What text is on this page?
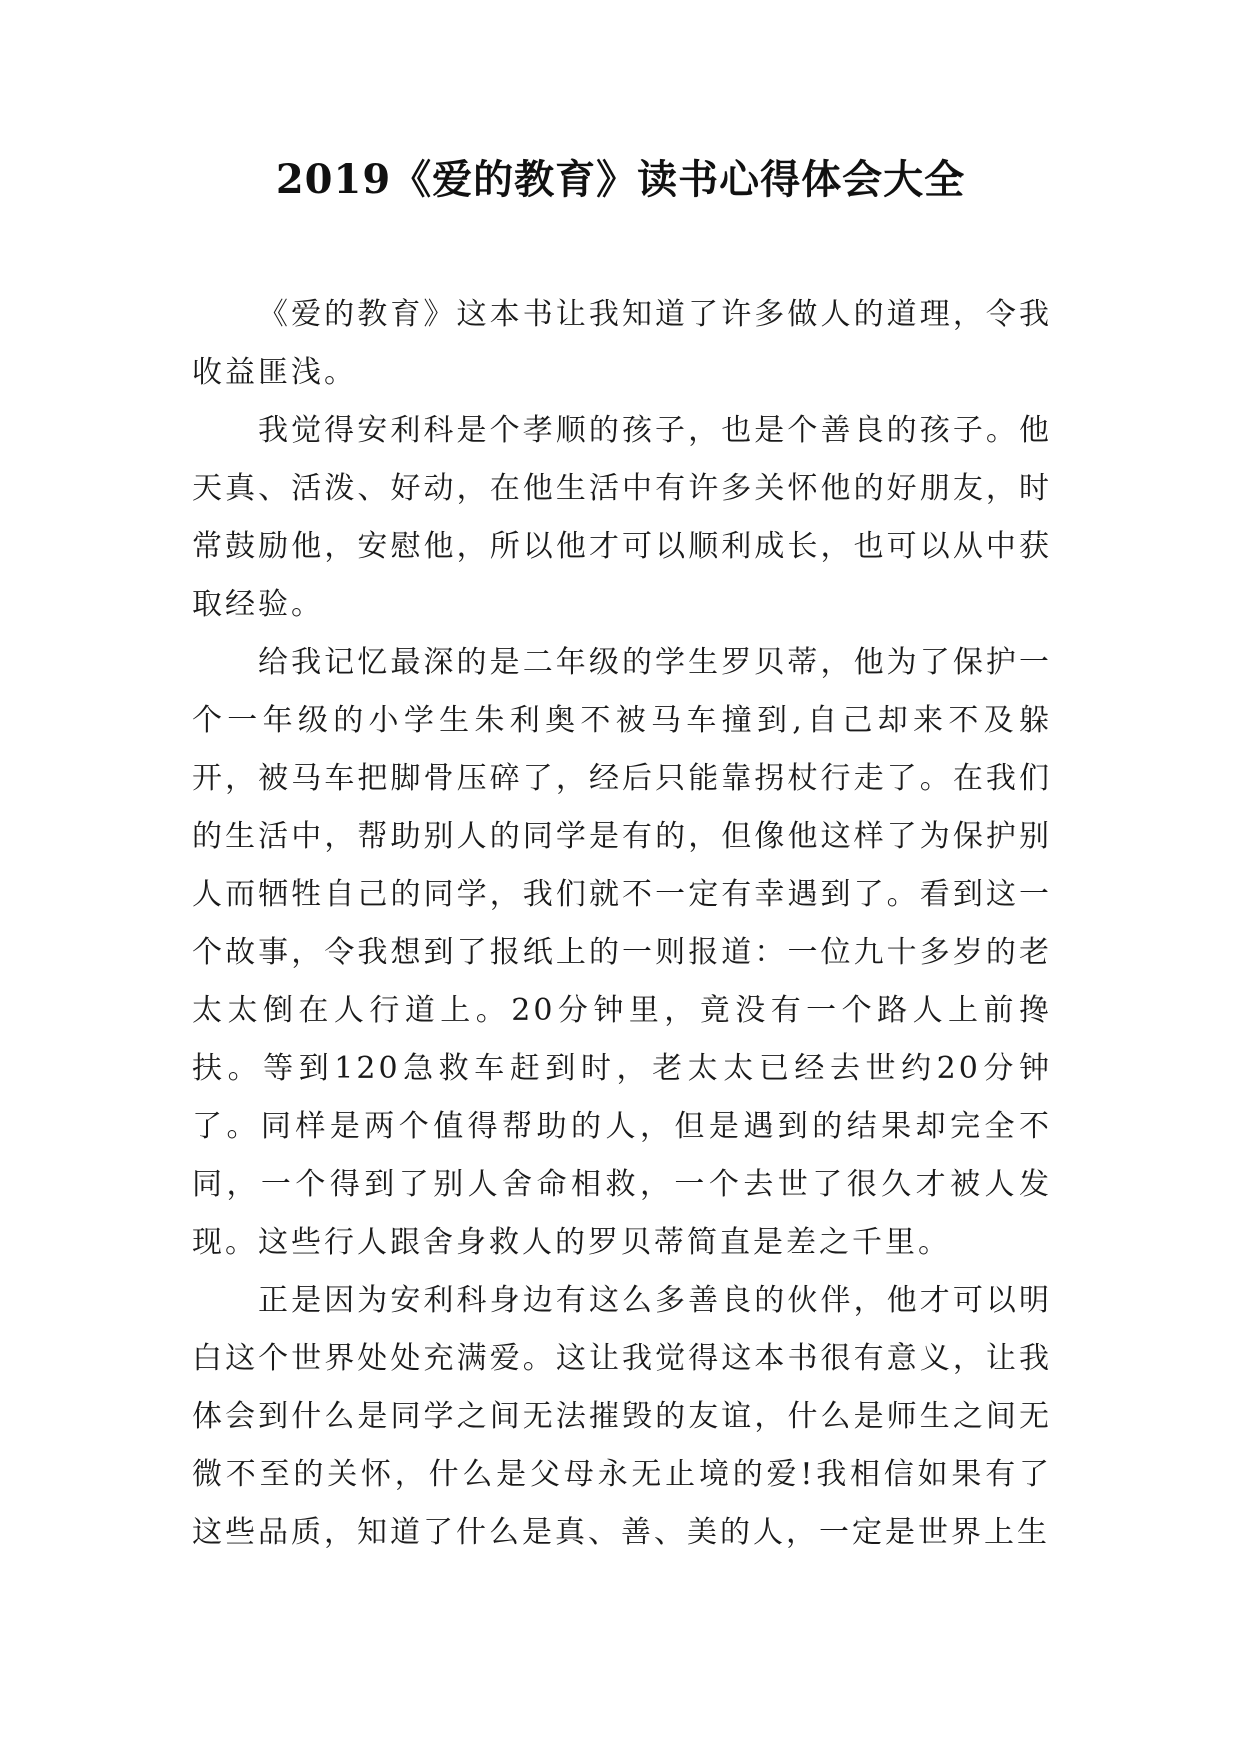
2019《爱的教育》读书心得体会大全

《爱的教育》这本书让我知道了许多做人的道理，令我收益匪浅。

我觉得安利科是个孝顺的孩子，也是个善良的孩子。他天真、活泼、好动，在他生活中有许多关怀他的好朋友，时常鼓励他，安慰他，所以他才可以顺利成长，也可以从中获取经验。

给我记忆最深的是二年级的学生罗贝蒂，他为了保护一个一年级的小学生朱利奥不被马车撞到,自己却来不及躲开，被马车把脚骨压碎了，经后只能靠拐杖行走了。在我们的生活中，帮助别人的同学是有的，但像他这样了为保护别人而牺牲自己的同学，我们就不一定有幸遇到了。看到这一个故事，令我想到了报纸上的一则报道：一位九十多岁的老太太倒在人行道上。20分钟里，竟没有一个路人上前搀扶。等到120急救车赶到时，老太太已经去世约20分钟了。同样是两个值得帮助的人，但是遇到的结果却完全不同，一个得到了别人舍命相救，一个去世了很久才被人发现。这些行人跟舍身救人的罗贝蒂简直是差之千里。

正是因为安利科身边有这么多善良的伙伴，他才可以明白这个世界处处充满爱。这让我觉得这本书很有意义，让我体会到什么是同学之间无法摧毁的友谊，什么是师生之间无微不至的关怀，什么是父母永无止境的爱!我相信如果有了这些品质，知道了什么是真、善、美的人，一定是世界上生
